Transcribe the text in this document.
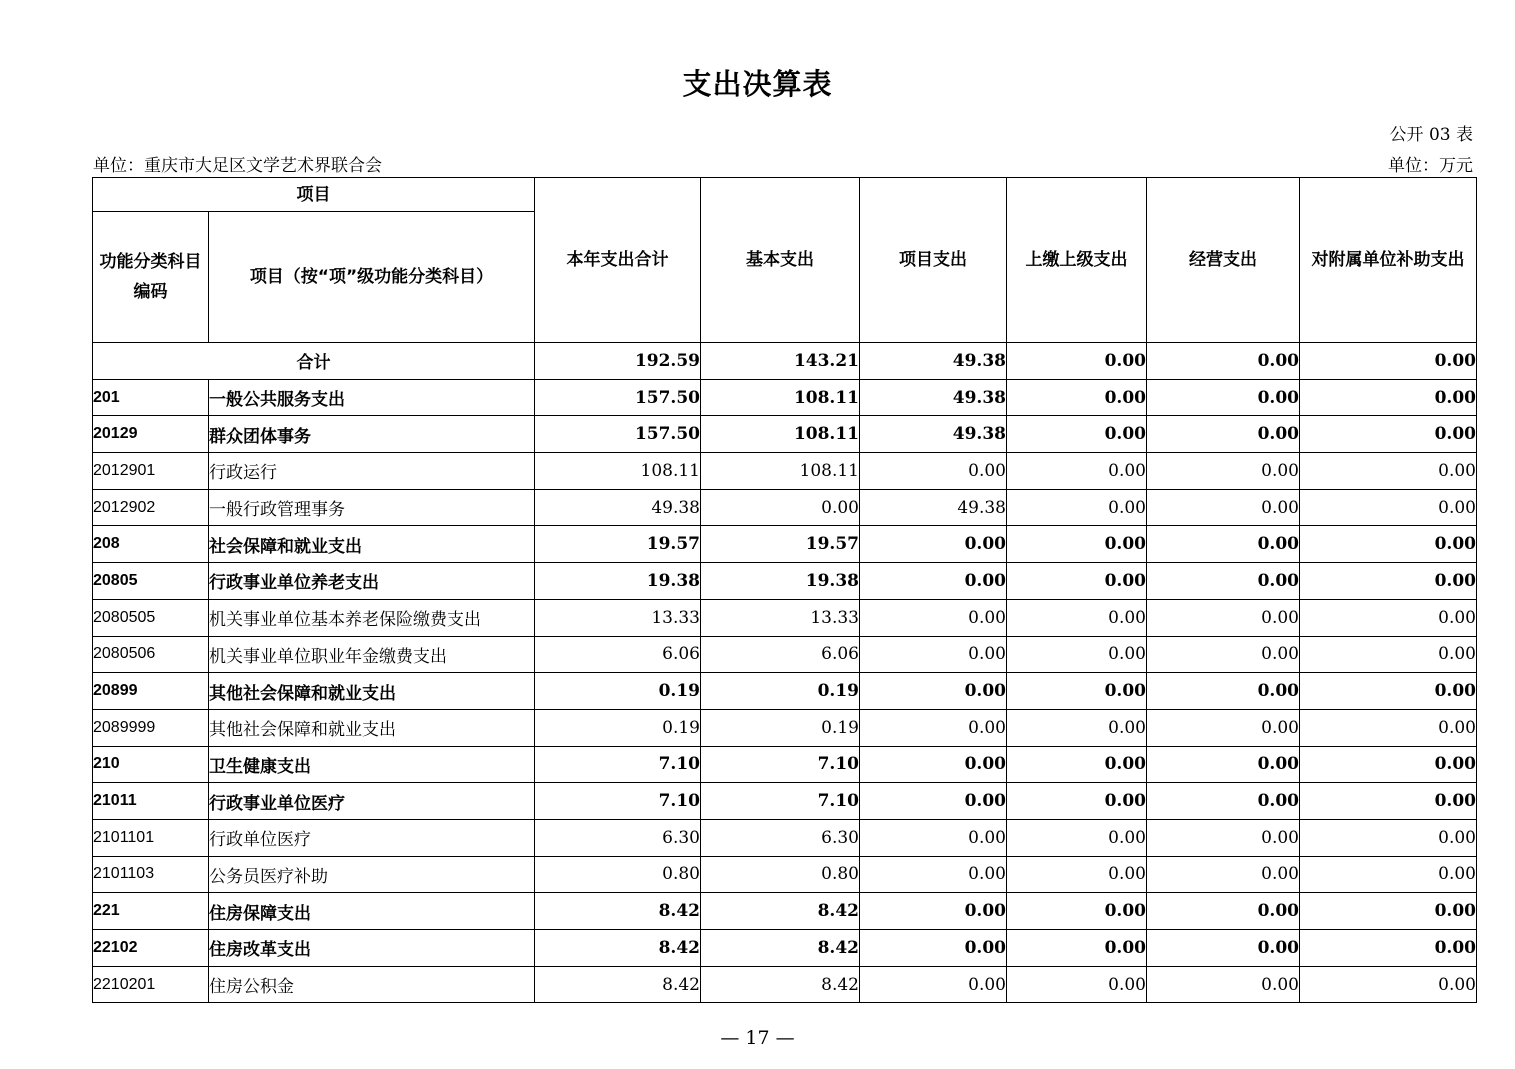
支出决算表
公开 03 表
单位：重庆市大足区文学艺术界联合会	单位：万元
项目		本年支出合计	基本支出	项目支出	上缴上级支出	经营支出	对附属单位补助支出
功能分类科目编码	项目（按“项”级功能分类科目）						
合计		192.59	143.21	49.38	0.00	0.00	0.00
201	一般公共服务支出	157.50	108.11	49.38	0.00	0.00	0.00
20129	群众团体事务	157.50	108.11	49.38	0.00	0.00	0.00
2012901	行政运行	108.11	108.11	0.00	0.00	0.00	0.00
2012902	一般行政管理事务	49.38	0.00	49.38	0.00	0.00	0.00
208	社会保障和就业支出	19.57	19.57	0.00	0.00	0.00	0.00
20805	行政事业单位养老支出	19.38	19.38	0.00	0.00	0.00	0.00
2080505	机关事业单位基本养老保险缴费支出	13.33	13.33	0.00	0.00	0.00	0.00
2080506	机关事业单位职业年金缴费支出	6.06	6.06	0.00	0.00	0.00	0.00
20899	其他社会保障和就业支出	0.19	0.19	0.00	0.00	0.00	0.00
2089999	其他社会保障和就业支出	0.19	0.19	0.00	0.00	0.00	0.00
210	卫生健康支出	7.10	7.10	0.00	0.00	0.00	0.00
21011	行政事业单位医疗	7.10	7.10	0.00	0.00	0.00	0.00
2101101	行政单位医疗	6.30	6.30	0.00	0.00	0.00	0.00
2101103	公务员医疗补助	0.80	0.80	0.00	0.00	0.00	0.00
221	住房保障支出	8.42	8.42	0.00	0.00	0.00	0.00
22102	住房改革支出	8.42	8.42	0.00	0.00	0.00	0.00
2210201	住房公积金	8.42	8.42	0.00	0.00	0.00	0.00
— 17 —
